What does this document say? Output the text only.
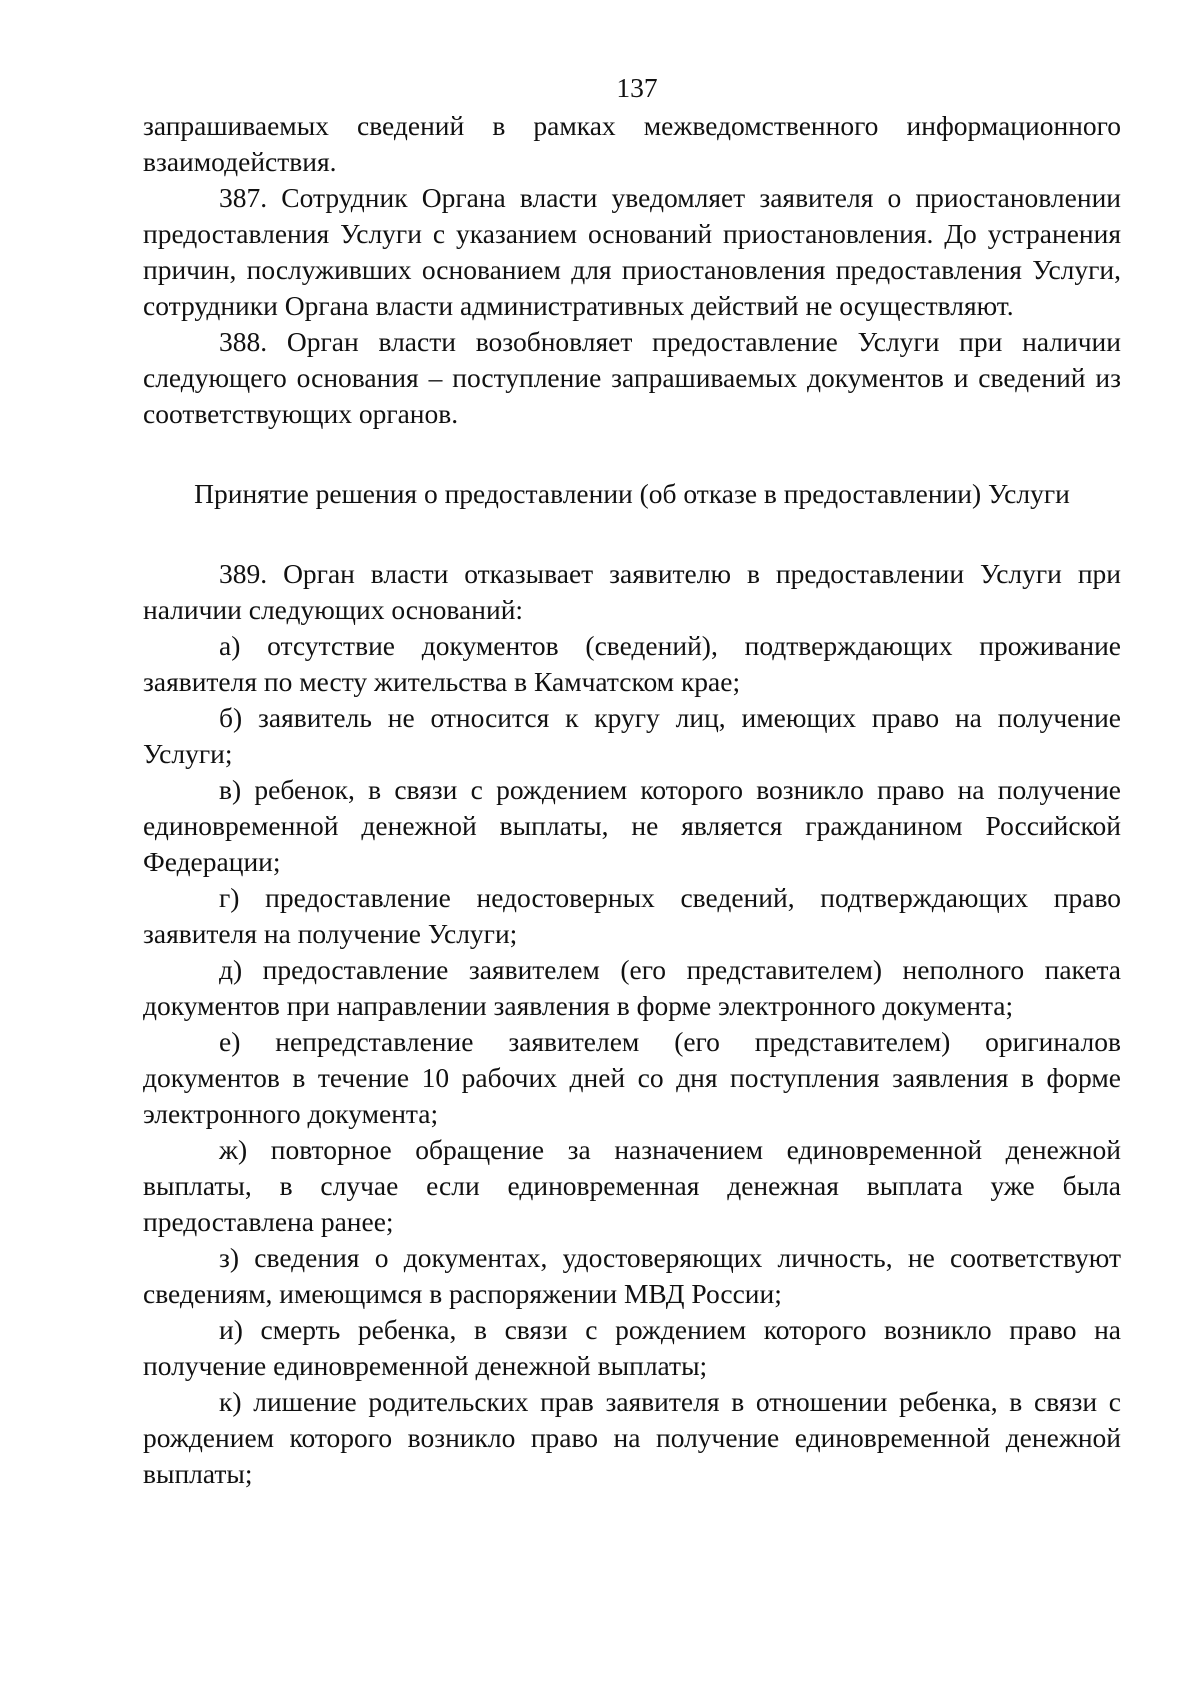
137

запрашиваемых сведений в рамках межведомственного информационного взаимодействия.

387. Сотрудник Органа власти уведомляет заявителя о приостановлении предоставления Услуги с указанием оснований приостановления. До устранения причин, послуживших основанием для приостановления предоставления Услуги, сотрудники Органа власти административных действий не осуществляют.

388. Орган власти возобновляет предоставление Услуги при наличии следующего основания – поступление запрашиваемых документов и сведений из соответствующих органов.

Принятие решения о предоставлении (об отказе в предоставлении) Услуги

389. Орган власти отказывает заявителю в предоставлении Услуги при наличии следующих оснований:

а) отсутствие документов (сведений), подтверждающих проживание заявителя по месту жительства в Камчатском крае;

б) заявитель не относится к кругу лиц, имеющих право на получение Услуги;

в) ребенок, в связи с рождением которого возникло право на получение единовременной денежной выплаты, не является гражданином Российской Федерации;

г) предоставление недостоверных сведений, подтверждающих право заявителя на получение Услуги;

д) предоставление заявителем (его представителем) неполного пакета документов при направлении заявления в форме электронного документа;

е) непредставление заявителем (его представителем) оригиналов документов в течение 10 рабочих дней со дня поступления заявления в форме электронного документа;

ж) повторное обращение за назначением единовременной денежной выплаты, в случае если единовременная денежная выплата уже была предоставлена ранее;

з) сведения о документах, удостоверяющих личность, не соответствуют сведениям, имеющимся в распоряжении МВД России;

и) смерть ребенка, в связи с рождением которого возникло право на получение единовременной денежной выплаты;

к) лишение родительских прав заявителя в отношении ребенка, в связи с рождением которого возникло право на получение единовременной денежной выплаты;
